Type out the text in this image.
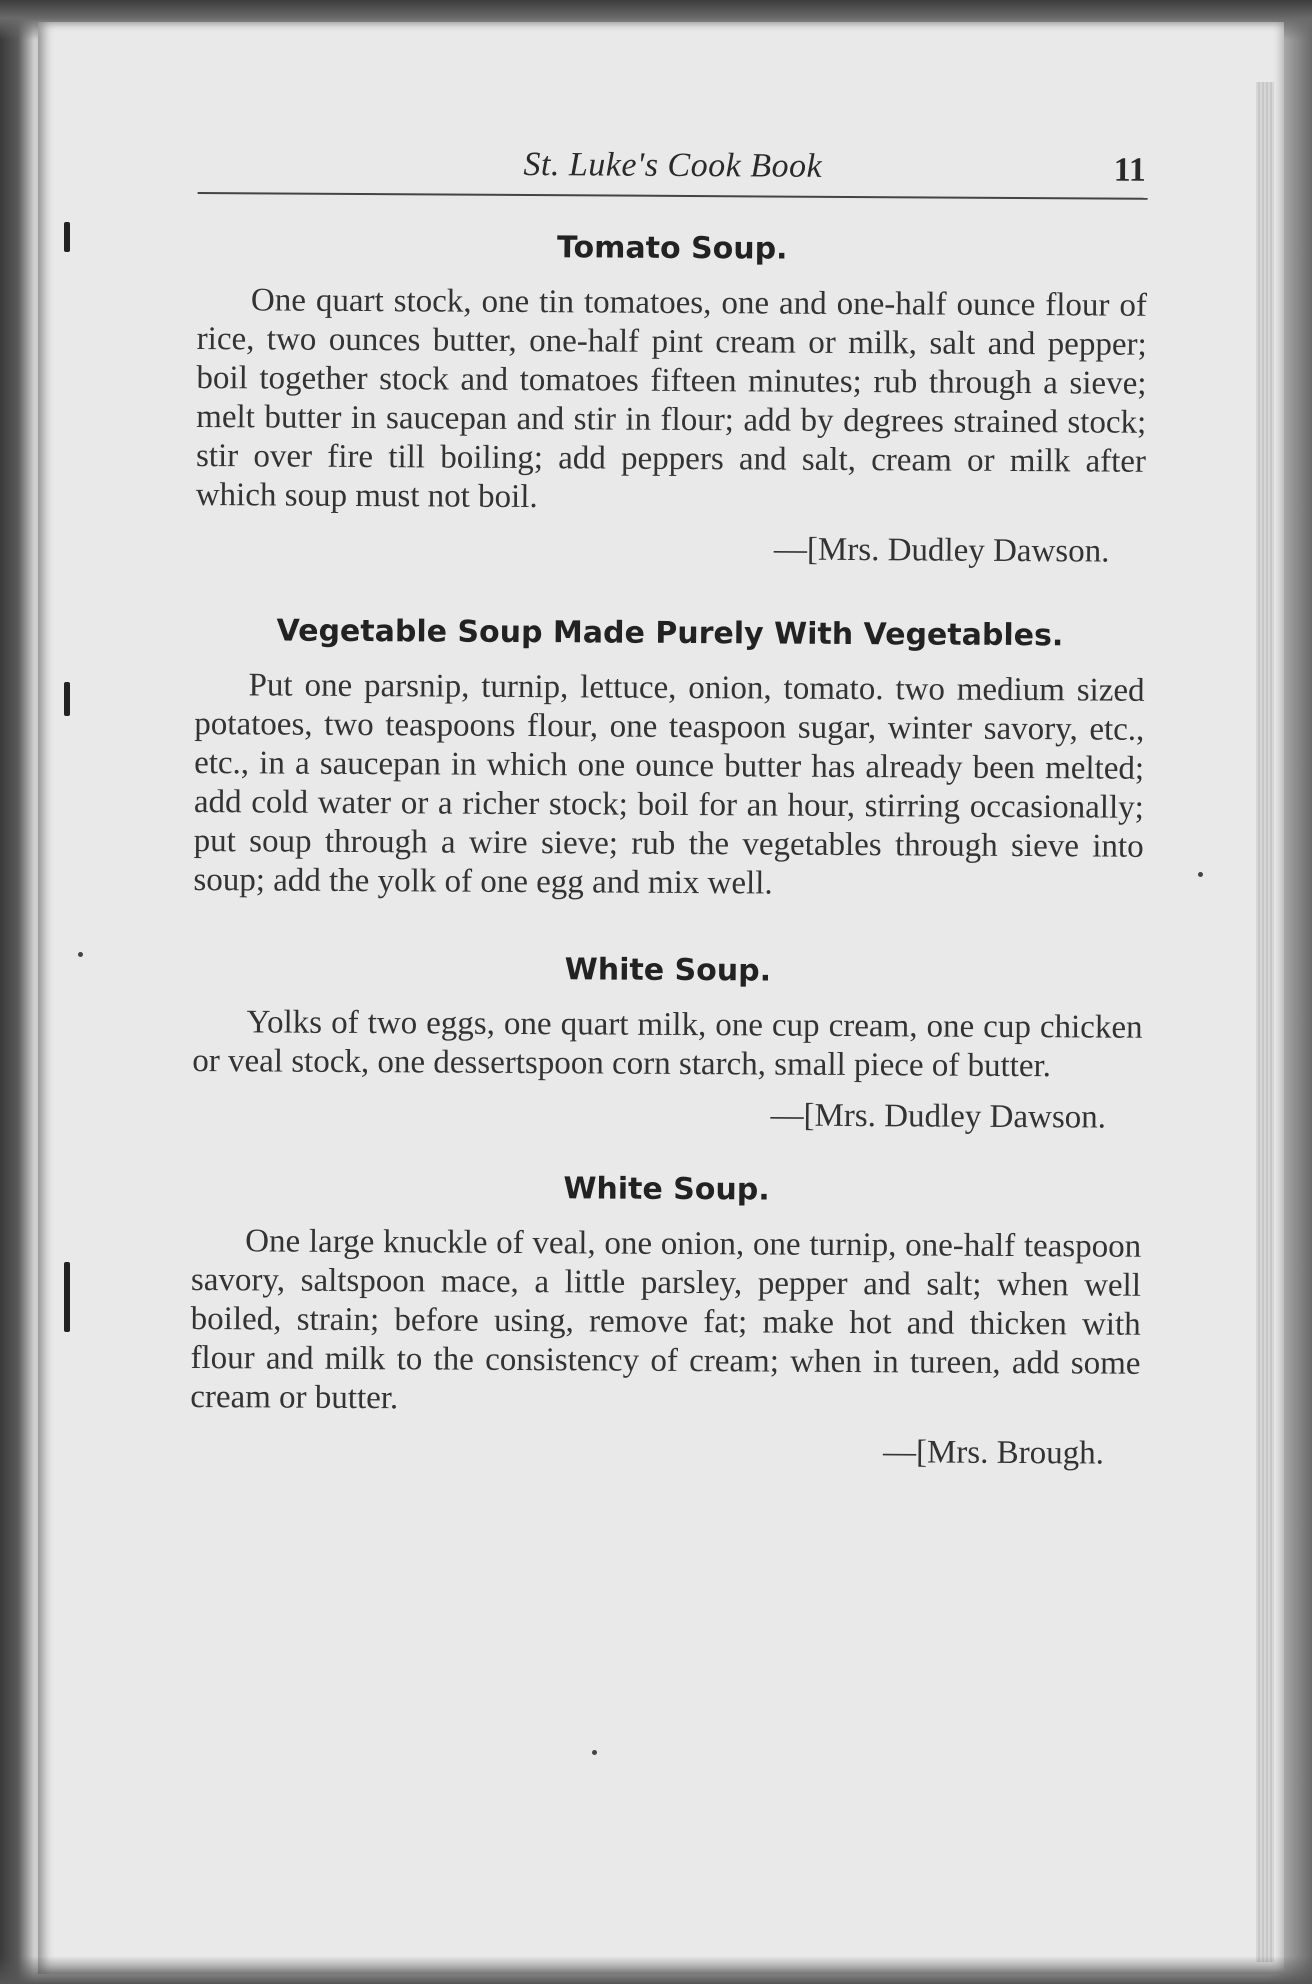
St. Luke's Cook Book	11
Tomato Soup.

One quart stock, one tin tomatoes, one and one-half ounce flour of rice, two ounces butter, one-half pint cream or milk, salt and pepper; boil together stock and tomatoes fifteen minutes; rub through a sieve; melt butter in saucepan and stir in flour; add by degrees strained stock; stir over fire till boiling; add peppers and salt, cream or milk after which soup must not boil.

—[Mrs. Dudley Dawson.
Vegetable Soup Made Purely With Vegetables.

Put one parsnip, turnip, lettuce, onion, tomato. two medium sized potatoes, two teaspoons flour, one teaspoon sugar, winter savory, etc., etc., in a saucepan in which one ounce butter has already been melted; add cold water or a richer stock; boil for an hour, stirring occasionally; put soup through a wire sieve; rub the vegetables through sieve into soup; add the yolk of one egg and mix well.

White Soup.

Yolks of two eggs, one quart milk, one cup cream, one cup chicken or veal stock, one dessertspoon corn starch, small piece of butter.

—[Mrs. Dudley Dawson.
White Soup.

One large knuckle of veal, one onion, one turnip, one-half teaspoon savory, saltspoon mace, a little parsley, pepper and salt; when well boiled, strain; before using, remove fat; make hot and thicken with flour and milk to the consistency of cream; when in tureen, add some cream or butter.

—[Mrs. Brough.
